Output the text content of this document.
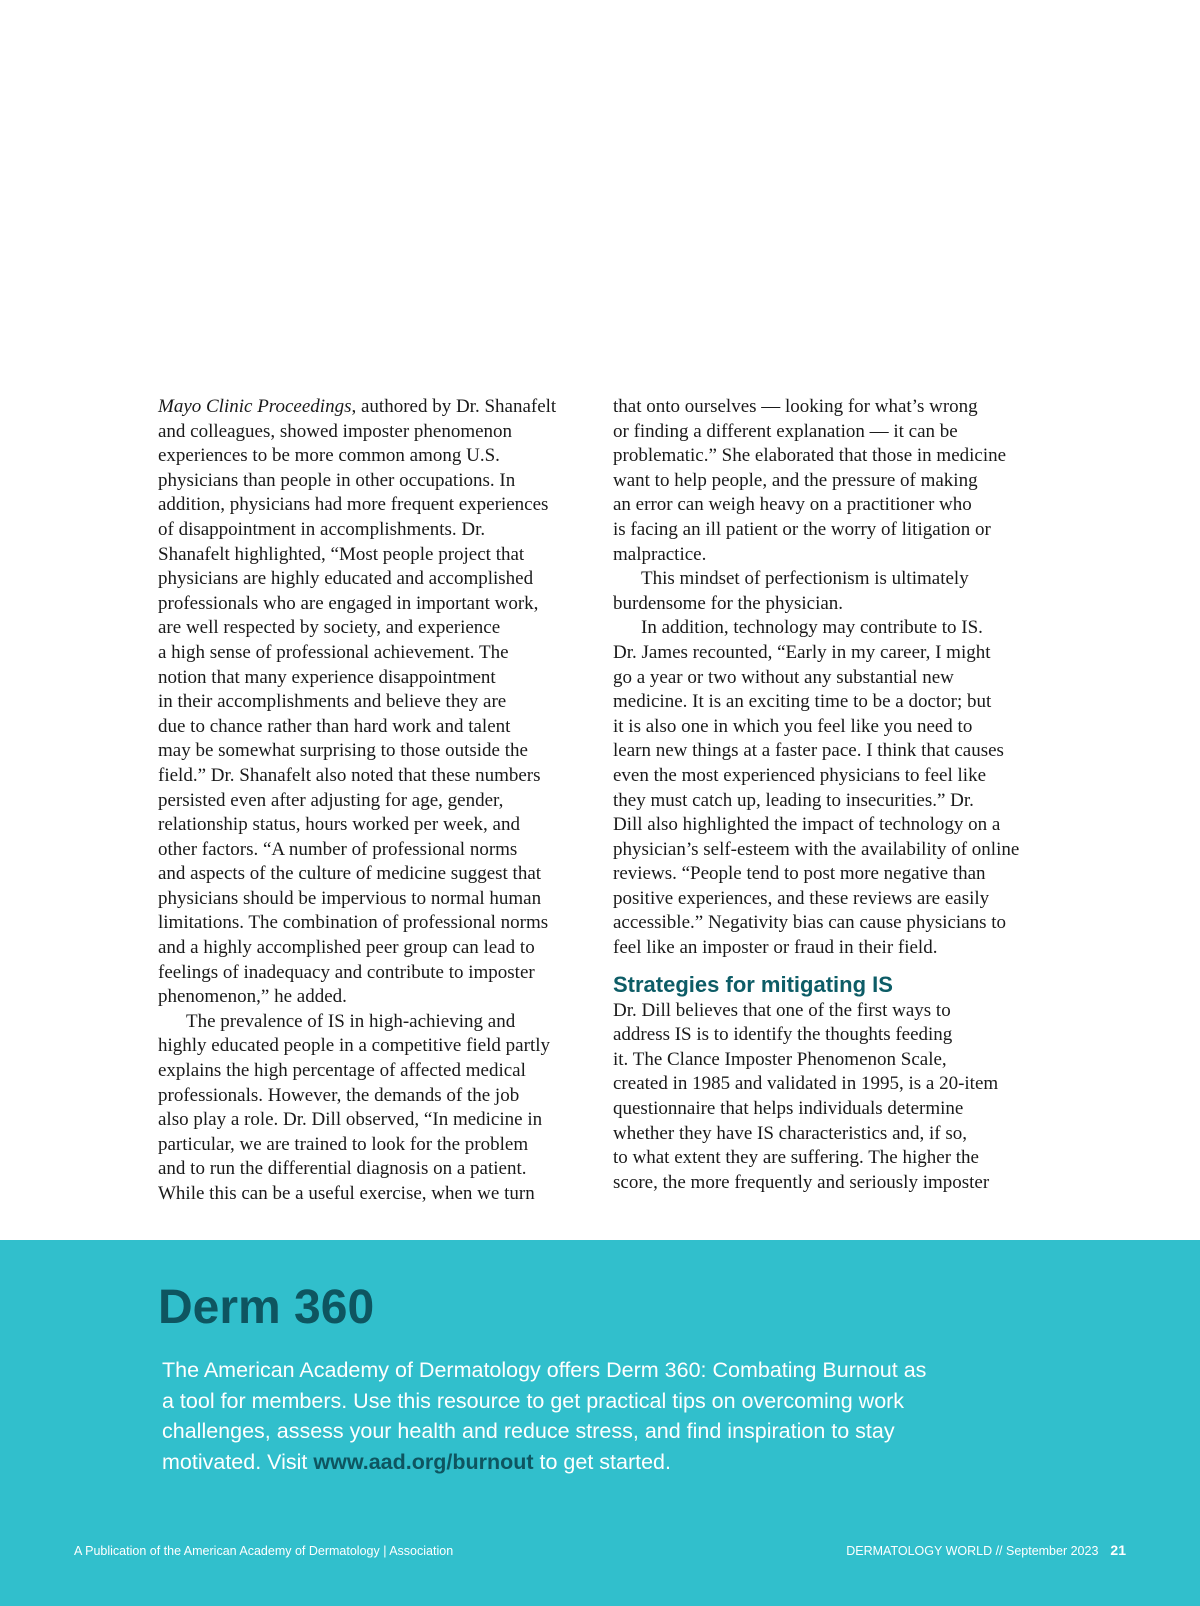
Mayo Clinic Proceedings, authored by Dr. Shanafelt
and colleagues, showed imposter phenomenon
experiences to be more common among U.S.
physicians than people in other occupations. In
addition, physicians had more frequent experiences
of disappointment in accomplishments. Dr.
Shanafelt highlighted, “Most people project that
physicians are highly educated and accomplished
professionals who are engaged in important work,
are well respected by society, and experience
a high sense of professional achievement. The
notion that many experience disappointment
in their accomplishments and believe they are
due to chance rather than hard work and talent
may be somewhat surprising to those outside the
field.” Dr. Shanafelt also noted that these numbers
persisted even after adjusting for age, gender,
relationship status, hours worked per week, and
other factors. “A number of professional norms
and aspects of the culture of medicine suggest that
physicians should be impervious to normal human
limitations. The combination of professional norms
and a highly accomplished peer group can lead to
feelings of inadequacy and contribute to imposter
phenomenon,” he added.
The prevalence of IS in high-achieving and
highly educated people in a competitive field partly
explains the high percentage of affected medical
professionals. However, the demands of the job
also play a role. Dr. Dill observed, “In medicine in
particular, we are trained to look for the problem
and to run the differential diagnosis on a patient.
While this can be a useful exercise, when we turn
that onto ourselves — looking for what’s wrong
or finding a different explanation — it can be
problematic.” She elaborated that those in medicine
want to help people, and the pressure of making
an error can weigh heavy on a practitioner who
is facing an ill patient or the worry of litigation or
malpractice.
This mindset of perfectionism is ultimately
burdensome for the physician.
In addition, technology may contribute to IS.
Dr. James recounted, “Early in my career, I might
go a year or two without any substantial new
medicine. It is an exciting time to be a doctor; but
it is also one in which you feel like you need to
learn new things at a faster pace. I think that causes
even the most experienced physicians to feel like
they must catch up, leading to insecurities.” Dr.
Dill also highlighted the impact of technology on a
physician’s self-esteem with the availability of online
reviews. “People tend to post more negative than
positive experiences, and these reviews are easily
accessible.” Negativity bias can cause physicians to
feel like an imposter or fraud in their field.
Strategies for mitigating IS
Dr. Dill believes that one of the first ways to
address IS is to identify the thoughts feeding
it. The Clance Imposter Phenomenon Scale,
created in 1985 and validated in 1995, is a 20-item
questionnaire that helps individuals determine
whether they have IS characteristics and, if so,
to what extent they are suffering. The higher the
score, the more frequently and seriously imposter
Derm 360
The American Academy of Dermatology offers Derm 360: Combating Burnout as
a tool for members. Use this resource to get practical tips on overcoming work
challenges, assess your health and reduce stress, and find inspiration to stay
motivated. Visit www.aad.org/burnout to get started.
A Publication of the American Academy of Dermatology | Association	DERMATOLOGY WORLD // September 2023 21
